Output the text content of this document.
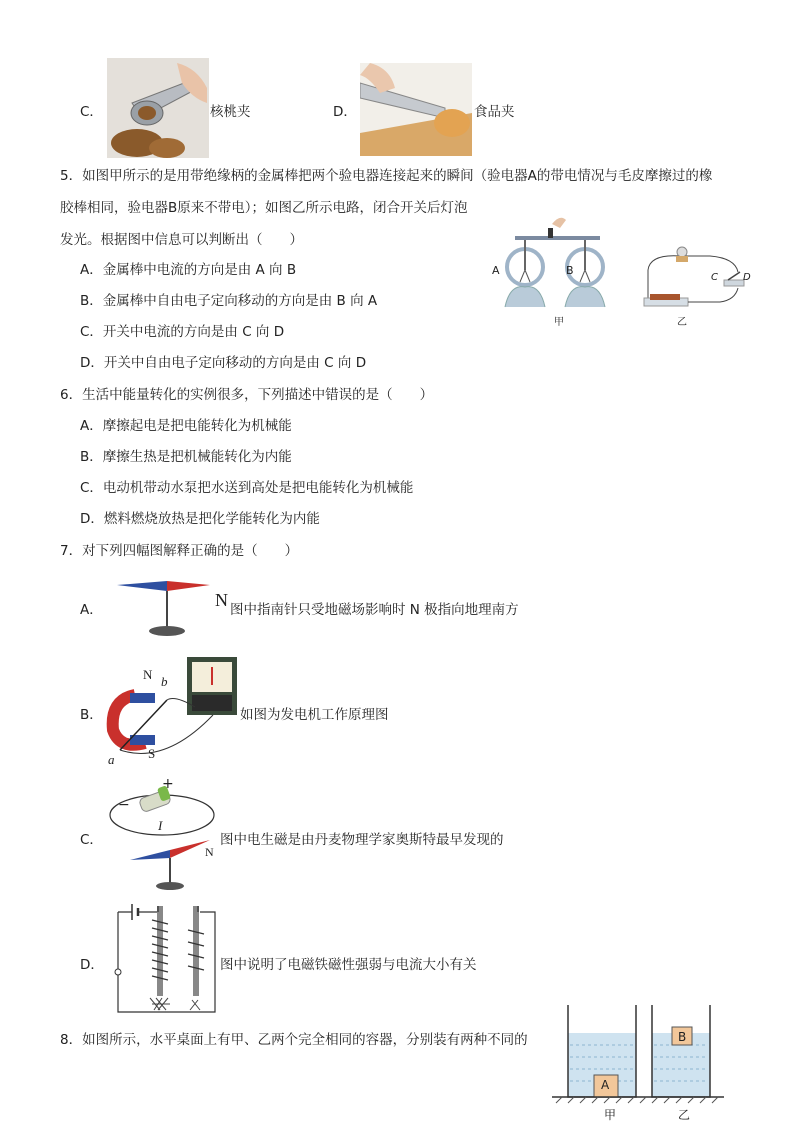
C．	核桃夹	D．	食品夹
5．如图甲所示的是用带绝缘柄的金属棒把两个验电器连接起来的瞬间（验电器A的带电情况与毛皮摩擦过的橡
胶棒相同，验电器B原来不带电）；如图乙所示电路，闭合开关后灯泡
发光。根据图中信息可以判断出（　　）
A．金属棒中电流的方向是由 A 向 B
B．金属棒中自由电子定向移动的方向是由 B 向 A
C．开关中电流的方向是由 C 向 D
D．开关中自由电子定向移动的方向是由 C 向 D
A	B
甲
C	D
乙
6．生活中能量转化的实例很多，下列描述中错误的是（　　）
A．摩擦起电是把电能转化为机械能
B．摩擦生热是把机械能转化为内能
C．电动机带动水泵把水送到高处是把电能转化为机械能
D．燃料燃烧放热是把化学能转化为内能
7．对下列四幅图解释正确的是（　　）
A．	N 图中指南针只受地磁场影响时 N 极指向地理南方
B．
N
S
a
b
如图为发电机工作原理图
C．
+
−
I
N
图中电生磁是由丹麦物理学家奥斯特最早发现的
D．	图中说明了电磁铁磁性强弱与电流大小有关
8．如图所示，水平桌面上有甲、乙两个完全相同的容器，分别装有两种不同的
A
B
甲	乙
